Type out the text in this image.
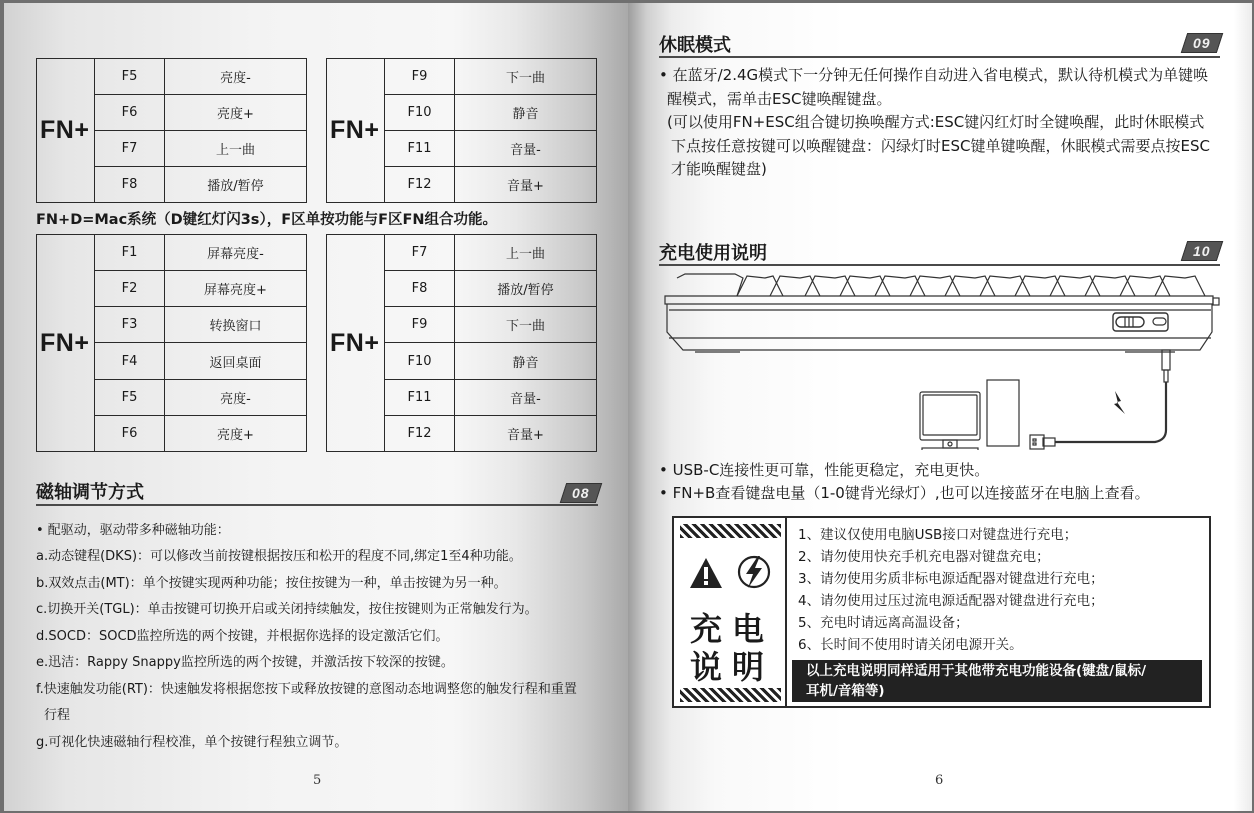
FN+	F5	亮度-
	F6	亮度+
	F7	上一曲
	F8	播放/暂停
FN+	F9	下一曲
	F10	静音
	F11	音量-
	F12	音量+
FN+D=Mac系统（D键红灯闪3s），F区单按功能与F区FN组合功能。
FN+	F1	屏幕亮度-
	F2	屏幕亮度+
	F3	转换窗口
	F4	返回桌面
	F5	亮度-
	F6	亮度+
FN+	F7	上一曲
	F8	播放/暂停
	F9	下一曲
	F10	静音
	F11	音量-
	F12	音量+
磁轴调节方式	08
• 配驱动，驱动带多种磁轴功能：
a.动态键程(DKS)：可以修改当前按键根据按压和松开的程度不同,绑定1至4种功能。
b.双效点击(MT)：单个按键实现两种功能；按住按键为一种，单击按键为另一种。
c.切换开关(TGL)：单击按键可切换开启或关闭持续触发，按住按键则为正常触发行为。
d.SOCD：SOCD监控所选的两个按键，并根据你选择的设定激活它们。
e.迅洁：Rappy Snappy监控所选的两个按键，并激活按下较深的按键。
f.快速触发功能(RT)：快速触发将根据您按下或释放按键的意图动态地调整您的触发行程和重置
行程
g.可视化快速磁轴行程校准，单个按键行程独立调节。
5
休眠模式	09
• 在蓝牙/2.4G模式下一分钟无任何操作自动进入省电模式，默认待机模式为单键唤
醒模式，需单击ESC键唤醒键盘。
(可以使用FN+ESC组合键切换唤醒方式:ESC键闪红灯时全键唤醒，此时休眠模式
下点按任意按键可以唤醒键盘：闪绿灯时ESC键单键唤醒，休眠模式需要点按ESC
才能唤醒键盘)
充电使用说明	10
• USB-C连接性更可靠，性能更稳定，充电更快。
• FN+B查看键盘电量（1-0键背光绿灯）,也可以连接蓝牙在电脑上查看。
充电
说明
1、建议仅使用电脑USB接口对键盘进行充电；
2、请勿使用快充手机充电器对键盘充电；
3、请勿使用劣质非标电源适配器对键盘进行充电；
4、请勿使用过压过流电源适配器对键盘进行充电；
5、充电时请远离高温设备；
6、长时间不使用时请关闭电源开关。
以上充电说明同样适用于其他带充电功能设备(键盘/鼠标/
耳机/音箱等)
6
